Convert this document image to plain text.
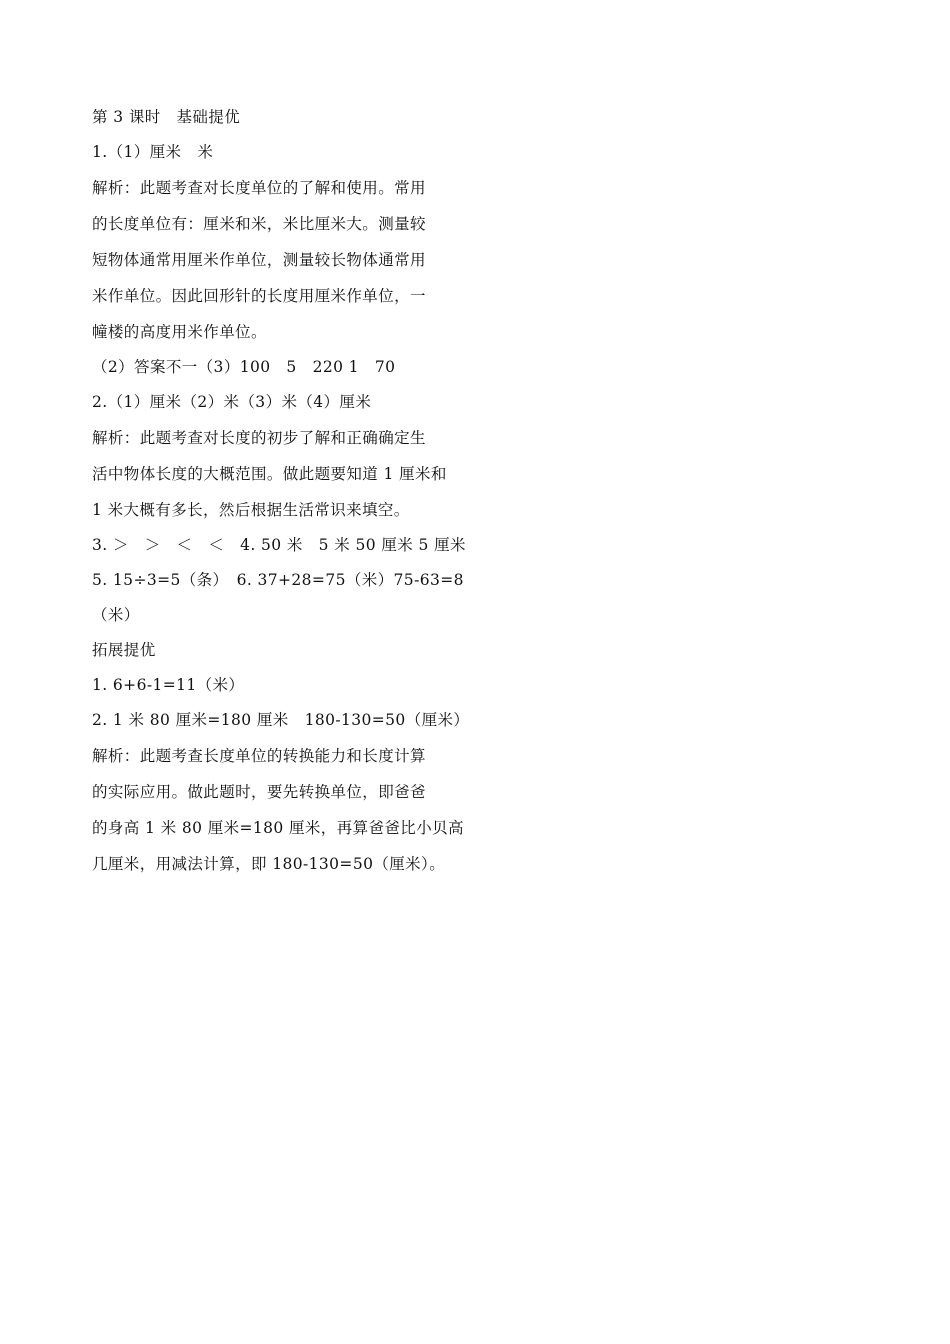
第 3 课时　基础提优
1.（1）厘米　米
解析：此题考查对长度单位的了解和使用。常用
的长度单位有：厘米和米，米比厘米大。测量较
短物体通常用厘米作单位，测量较长物体通常用
米作单位。因此回形针的长度用厘米作单位，一
幢楼的高度用米作单位。
（2）答案不一（3）100　5　220 1　70
2.（1）厘米（2）米（3）米（4）厘米
解析：此题考查对长度的初步了解和正确确定生
活中物体长度的大概范围。做此题要知道 1 厘米和
1 米大概有多长，然后根据生活常识来填空。
3. ＞　＞　＜　＜　4. 50 米　5 米 50 厘米 5 厘米
5. 15÷3=5（条）　6. 37+28=75（米）75-63=8
（米）
拓展提优
1. 6+6-1=11（米）
2. 1 米 80 厘米=180 厘米　180-130=50（厘米）
解析：此题考查长度单位的转换能力和长度计算
的实际应用。做此题时，要先转换单位，即爸爸
的身高 1 米 80 厘米=180 厘米，再算爸爸比小贝高
几厘米，用减法计算，即 180-130=50（厘米）。
